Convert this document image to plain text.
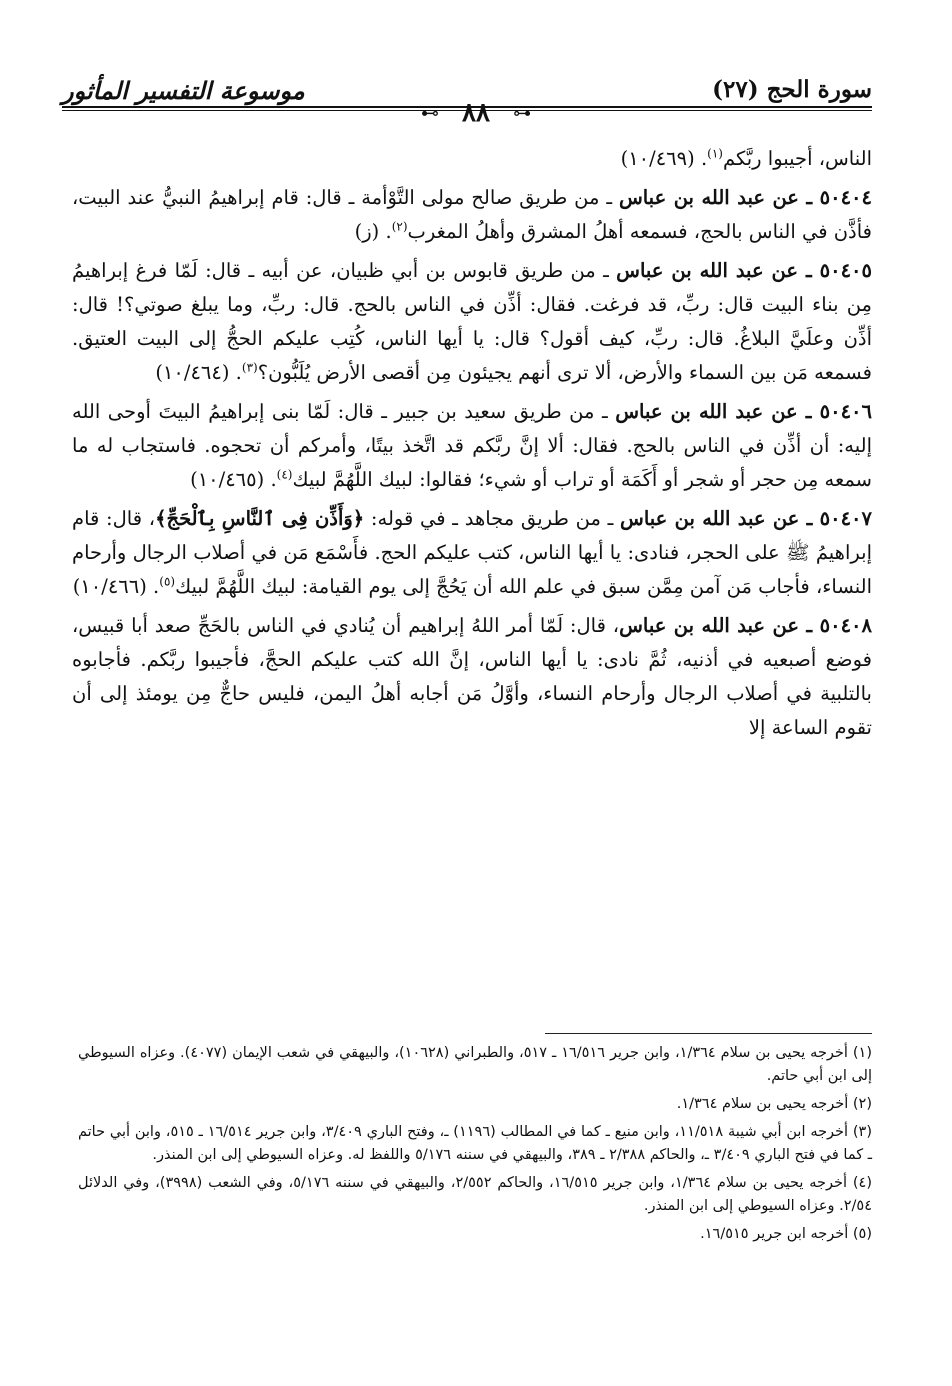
موسوعة التفسير المأثور	سورة الحج (٢٧)
⊷ ٨٨ ⊶

الناس، أجيبوا ربَّكم$^{(١)}$. (١٠/٤٦٩)

٥٠٤٠٤ ـ عن عبد الله بن عباس ـ من طريق صالح مولى التَّوْأمة ـ قال: قام إبراهيمُ النبيُّ عند البيت، فأذَّن في الناس بالحج، فسمعه أهلُ المشرق وأهلُ المغرب$^{(٢)}$. (ز)

٥٠٤٠٥ ـ عن عبد الله بن عباس ـ من طريق قابوس بن أبي ظبيان، عن أبيه ـ قال: لَمّا فرغ إبراهيمُ مِن بناء البيت قال: ربِّ، قد فرغت. فقال: أذِّن في الناس بالحج. قال: ربِّ، وما يبلغ صوتي؟! قال: أذِّن وعلَيَّ البلاغُ. قال: ربِّ، كيف أقول؟ قال: يا أيها الناس، كُتِب عليكم الحجُّ إلى البيت العتيق. فسمعه مَن بين السماء والأرض، ألا ترى أنهم يجيئون مِن أقصى الأرض يُلَبُّون؟$^{(٣)}$. (١٠/٤٦٤)

٥٠٤٠٦ ـ عن عبد الله بن عباس ـ من طريق سعيد بن جبير ـ قال: لَمّا بنى إبراهيمُ البيتَ أوحى الله إليه: أن أذِّن في الناس بالحج. فقال: ألا إنَّ ربَّكم قد اتَّخذ بيتًا، وأمركم أن تحجوه. فاستجاب له ما سمعه مِن حجر أو شجر أو أَكَمَة أو تراب أو شيء؛ فقالوا: لبيك اللَّهُمَّ لبيك$^{(٤)}$. (١٠/٤٦٥)

٥٠٤٠٧ ـ عن عبد الله بن عباس ـ من طريق مجاهد ـ في قوله: ﴿وَأَذِّن فِى ٱلنَّاسِ بِٱلْحَجِّ﴾، قال: قام إبراهيمُ ﷺ على الحجر، فنادى: يا أيها الناس، كتب عليكم الحج. فأَسْمَع مَن في أصلاب الرجال وأرحام النساء، فأجاب مَن آمن مِمَّن سبق في علم الله أن يَحُجَّ إلى يوم القيامة: لبيك اللَّهُمَّ لبيك$^{(٥)}$. (١٠/٤٦٦)

٥٠٤٠٨ ـ عن عبد الله بن عباس، قال: لَمّا أمر اللهُ إبراهيم أن يُنادي في الناس بالحَجِّ صعد أبا قبيس، فوضع أصبعيه في أذنيه، ثُمَّ نادى: يا أيها الناس، إنَّ الله كتب عليكم الحجَّ، فأجيبوا ربَّكم. فأجابوه بالتلبية في أصلاب الرجال وأرحام النساء، وأوَّلُ مَن أجابه أهلُ اليمن، فليس حاجٌّ مِن يومئذ إلى أن تقوم الساعة إلا

(١) أخرجه يحيى بن سلام ١/٣٦٤، وابن جرير ١٦/٥١٦ ـ ٥١٧، والطبراني (١٠٦٢٨)، والبيهقي في شعب الإيمان (٤٠٧٧). وعزاه السيوطي إلى ابن أبي حاتم.

(٢) أخرجه يحيى بن سلام ١/٣٦٤.

(٣) أخرجه ابن أبي شيبة ١١/٥١٨، وابن منيع ـ كما في المطالب (١١٩٦) ـ، وفتح الباري ٣/٤٠٩، وابن جرير ١٦/٥١٤ ـ ٥١٥، وابن أبي حاتم ـ كما في فتح الباري ٣/٤٠٩ ـ، والحاكم ٢/٣٨٨ ـ ٣٨٩، والبيهقي في سننه ٥/١٧٦ واللفظ له. وعزاه السيوطي إلى ابن المنذر.

(٤) أخرجه يحيى بن سلام ١/٣٦٤، وابن جرير ١٦/٥١٥، والحاكم ٢/٥٥٢، والبيهقي في سننه ٥/١٧٦، وفي الشعب (٣٩٩٨)، وفي الدلائل ٢/٥٤. وعزاه السيوطي إلى ابن المنذر.

(٥) أخرجه ابن جرير ١٦/٥١٥.
